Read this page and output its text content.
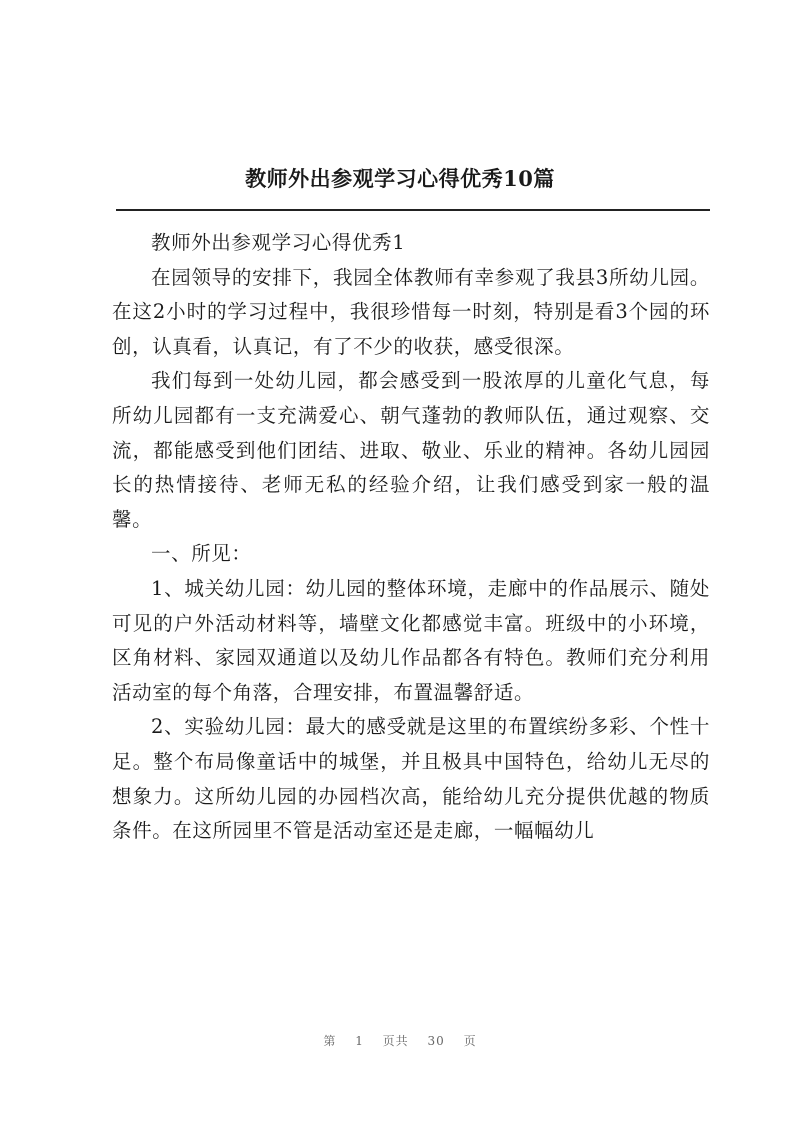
教师外出参观学习心得优秀10篇

教师外出参观学习心得优秀1

在园领导的安排下，我园全体教师有幸参观了我县3所幼儿园。在这2小时的学习过程中，我很珍惜每一时刻，特别是看3个园的环创，认真看，认真记，有了不少的收获，感受很深。

我们每到一处幼儿园，都会感受到一股浓厚的儿童化气息，每所幼儿园都有一支充满爱心、朝气蓬勃的教师队伍，通过观察、交流，都能感受到他们团结、进取、敬业、乐业的精神。各幼儿园园长的热情接待、老师无私的经验介绍，让我们感受到家一般的温馨。

一、所见：

1、城关幼儿园：幼儿园的整体环境，走廊中的作品展示、随处可见的户外活动材料等，墙壁文化都感觉丰富。班级中的小环境，区角材料、家园双通道以及幼儿作品都各有特色。教师们充分利用活动室的每个角落，合理安排，布置温馨舒适。

2、实验幼儿园：最大的感受就是这里的布置缤纷多彩、个性十足。整个布局像童话中的城堡，并且极具中国特色，给幼儿无尽的想象力。这所幼儿园的办园档次高，能给幼儿充分提供优越的物质条件。在这所园里不管是活动室还是走廊，一幅幅幼儿

第 1 页共 30 页
